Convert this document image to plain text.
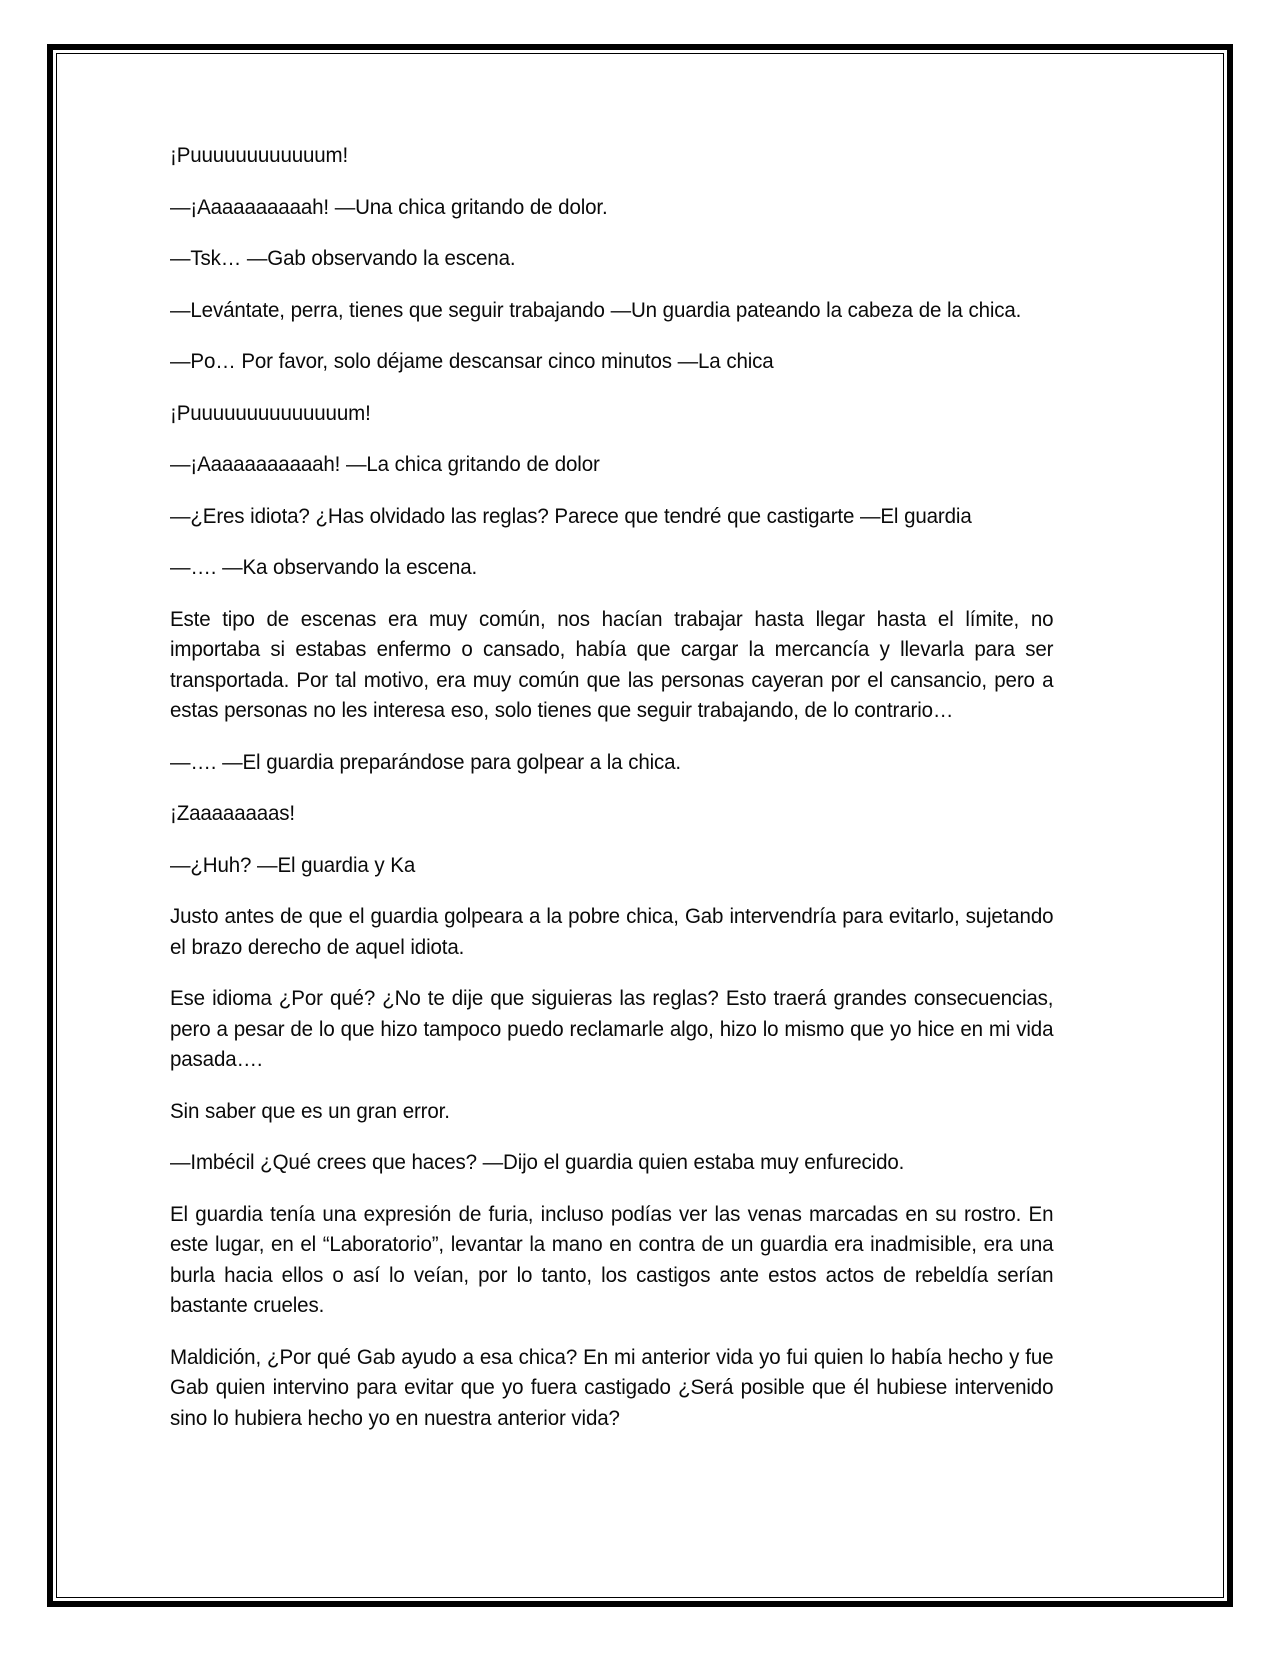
¡Puuuuuuuuuuuum!

—¡Aaaaaaaaaah! —Una chica gritando de dolor.

—Tsk… —Gab observando la escena.

—Levántate, perra, tienes que seguir trabajando —Un guardia pateando la cabeza de la chica.

—Po… Por favor, solo déjame descansar cinco minutos —La chica

¡Puuuuuuuuuuuuuum!

—¡Aaaaaaaaaaah! —La chica gritando de dolor

—¿Eres idiota? ¿Has olvidado las reglas? Parece que tendré que castigarte —El guardia

—…. —Ka observando la escena.

Este tipo de escenas era muy común, nos hacían trabajar hasta llegar hasta el límite, no importaba si estabas enfermo o cansado, había que cargar la mercancía y llevarla para ser transportada. Por tal motivo, era muy común que las personas cayeran por el cansancio, pero a estas personas no les interesa eso, solo tienes que seguir trabajando, de lo contrario…

—…. —El guardia preparándose para golpear a la chica.

¡Zaaaaaaaas!

—¿Huh? —El guardia y Ka

Justo antes de que el guardia golpeara a la pobre chica, Gab intervendría para evitarlo, sujetando el brazo derecho de aquel idiota.

Ese idioma ¿Por qué? ¿No te dije que siguieras las reglas? Esto traerá grandes consecuencias, pero a pesar de lo que hizo tampoco puedo reclamarle algo, hizo lo mismo que yo hice en mi vida pasada….

Sin saber que es un gran error.

—Imbécil ¿Qué crees que haces? —Dijo el guardia quien estaba muy enfurecido.

El guardia tenía una expresión de furia, incluso podías ver las venas marcadas en su rostro. En este lugar, en el “Laboratorio”, levantar la mano en contra de un guardia era inadmisible, era una burla hacia ellos o así lo veían, por lo tanto, los castigos ante estos actos de rebeldía serían bastante crueles.

Maldición, ¿Por qué Gab ayudo a esa chica? En mi anterior vida yo fui quien lo había hecho y fue Gab quien intervino para evitar que yo fuera castigado ¿Será posible que él hubiese intervenido sino lo hubiera hecho yo en nuestra anterior vida?
